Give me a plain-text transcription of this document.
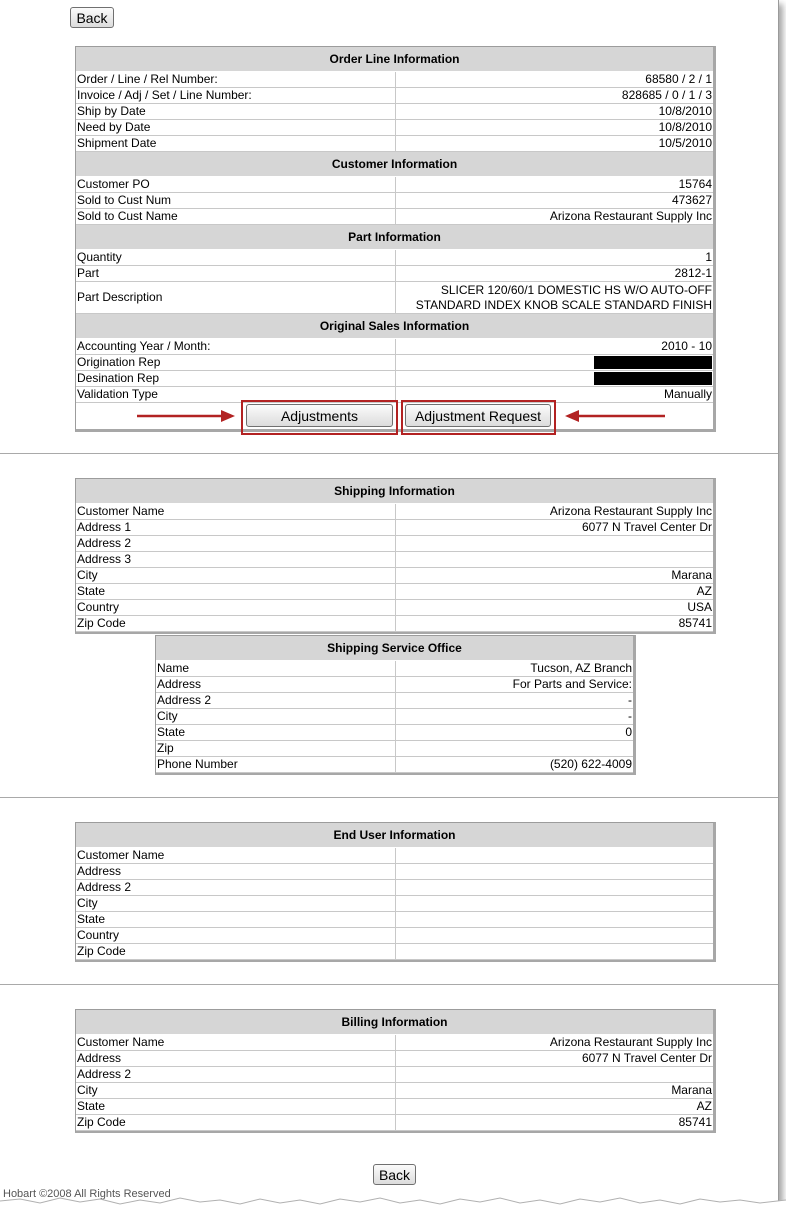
Back
Order Line Information	
Order / Line / Rel Number:	68580 / 2 / 1
Invoice / Adj / Set / Line Number:	828685 / 0 / 1 / 3
Ship by Date	10/8/2010
Need by Date	10/8/2010
Shipment Date	10/5/2010
Customer Information	
Customer PO	15764
Sold to Cust Num	473627
Sold to Cust Name	Arizona Restaurant Supply Inc
Part Information	
Quantity	1
Part	2812-1
Part Description	SLICER 120/60/1 DOMESTIC HS W/O AUTO-OFF
STANDARD INDEX KNOB SCALE STANDARD FINISH

Original Sales Information	
Accounting Year / Month:	2010 - 10
Origination Rep	
Desination Rep	
Validation Type	Manually
Adjustments	Adjustment Request
Shipping Information	
Customer Name	Arizona Restaurant Supply Inc
Address 1	6077 N Travel Center Dr
Address 2	
Address 3	
City	Marana
State	AZ
Country	USA
Zip Code	85741
Shipping Service Office	
Name	Tucson, AZ Branch
Address	For Parts and Service:
Address 2	-
City	-
State	0
Zip	
Phone Number	(520) 622-4009
End User Information	
Customer Name	
Address	
Address 2	
City	
State	
Country	
Zip Code	
Billing Information	
Customer Name	Arizona Restaurant Supply Inc
Address	6077 N Travel Center Dr
Address 2	
City	Marana
State	AZ
Zip Code	85741
Back
Hobart ©2008 All Rights Reserved
